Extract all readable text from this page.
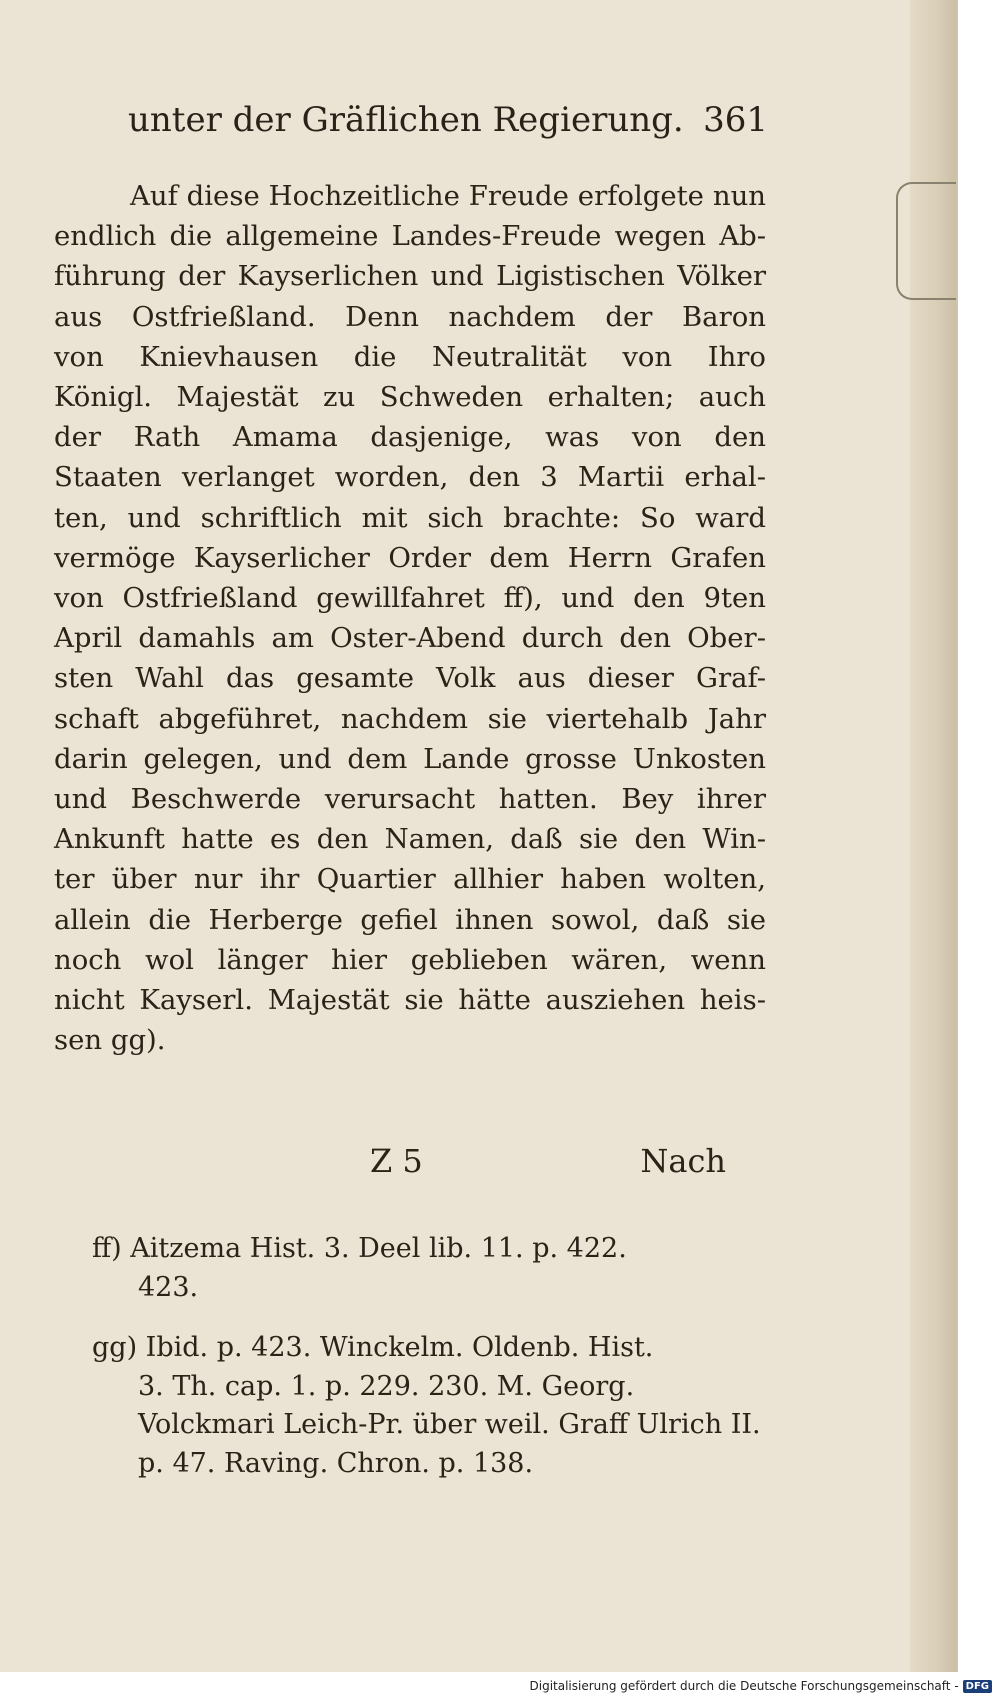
unter der Gräflichen Regierung. 361
Auf diese Hochzeitliche Freude erfolgete nun
endlich die allgemeine Landes-Freude wegen Ab-
führung der Kayserlichen und Ligistischen Völker
aus Ostfrießland. Denn nachdem der Baron
von Knievhausen die Neutralität von Ihro
Königl. Majestät zu Schweden erhalten; auch
der Rath Amama dasjenige, was von den
Staaten verlanget worden, den 3 Martii erhal-
ten, und schriftlich mit sich brachte: So ward
vermöge Kayserlicher Order dem Herrn Grafen
von Ostfrießland gewillfahret ff), und den 9ten
April damahls am Oster-Abend durch den Ober-
sten Wahl das gesamte Volk aus dieser Graf-
schaft abgeführet, nachdem sie viertehalb Jahr
darin gelegen, und dem Lande grosse Unkosten
und Beschwerde verursacht hatten. Bey ihrer
Ankunft hatte es den Namen, daß sie den Win-
ter über nur ihr Quartier allhier haben wolten,
allein die Herberge gefiel ihnen sowol, daß sie
noch wol länger hier geblieben wären, wenn
nicht Kayserl. Majestät sie hätte ausziehen heis-
sen gg).
Z 5	Nach
ff) Aitzema Hist. 3. Deel lib. 11. p. 422.
423.
gg) Ibid. p. 423. Winckelm. Oldenb. Hist.
3. Th. cap. 1. p. 229. 230. M. Georg.
Volckmari Leich-Pr. über weil. Graff Ulrich II.
p. 47. Raving. Chron. p. 138.
Digitalisierung gefördert durch die Deutsche Forschungsgemeinschaft - DFG
